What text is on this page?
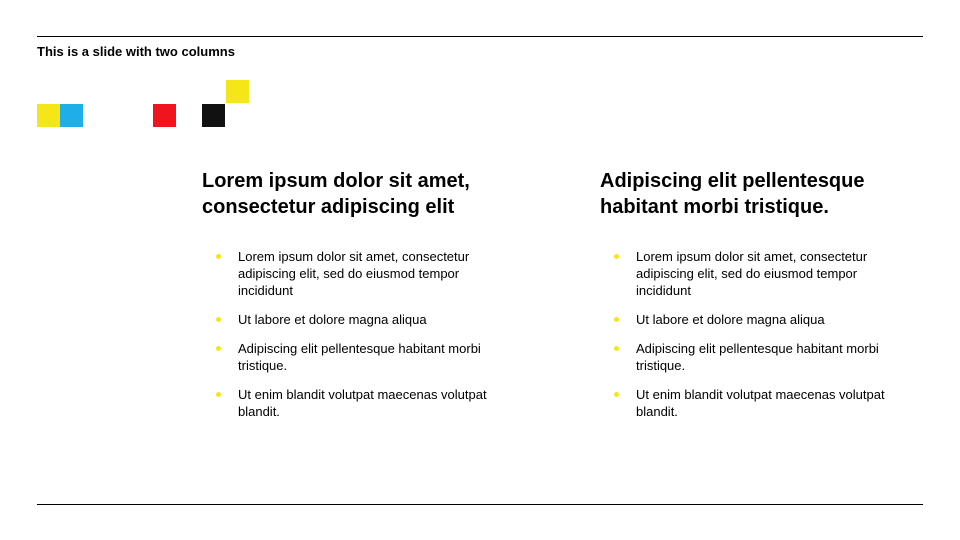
This is a slide with two columns
Lorem ipsum dolor sit amet, consectetur adipiscing elit
Lorem ipsum dolor sit amet, consectetur adipiscing elit, sed do eiusmod tempor incididunt
Ut labore et dolore magna aliqua
Adipiscing elit pellentesque habitant morbi tristique.
Ut enim blandit volutpat maecenas volutpat blandit.
Adipiscing elit pellentesque habitant morbi tristique.
Lorem ipsum dolor sit amet, consectetur adipiscing elit, sed do eiusmod tempor incididunt
Ut labore et dolore magna aliqua
Adipiscing elit pellentesque habitant morbi tristique.
Ut enim blandit volutpat maecenas volutpat blandit.
